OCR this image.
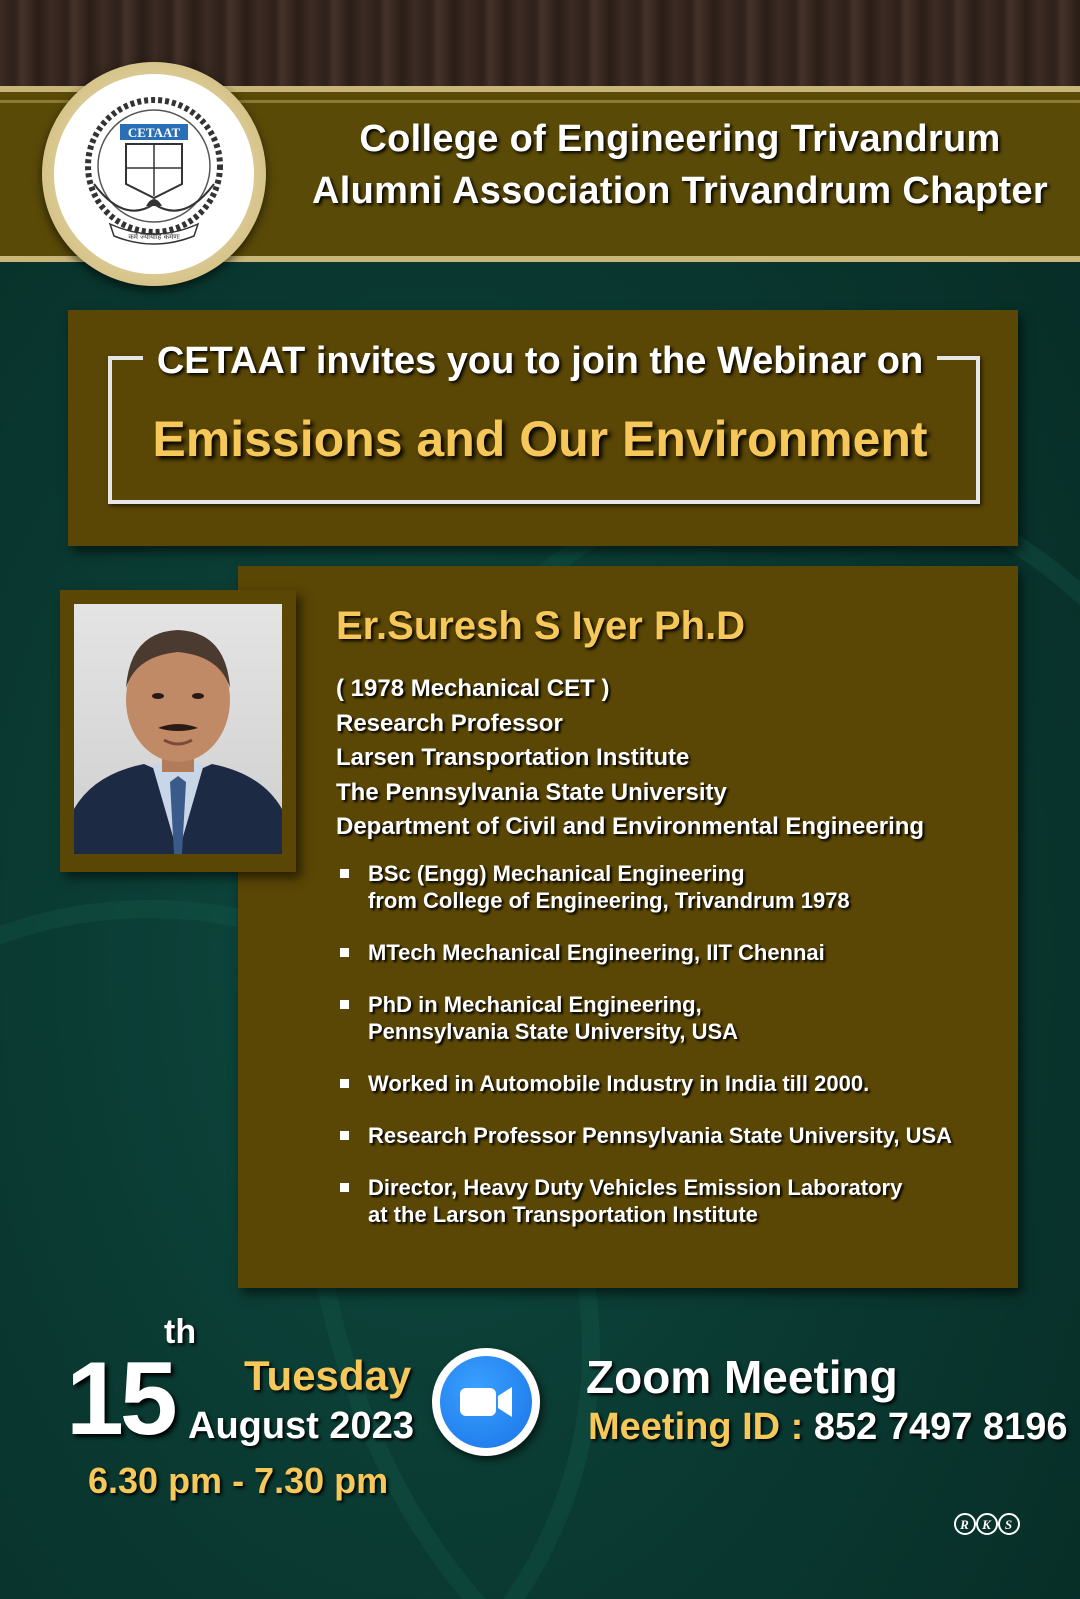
College of Engineering Trivandrum
Alumni Association Trivandrum Chapter
CETAAT
कर्मे ज्यायोहि कर्मणः
CETAAT invites you to join the Webinar on
Emissions and Our Environment
Er.Suresh S Iyer Ph.D
( 1978 Mechanical CET )
Research Professor
Larsen Transportation Institute
The Pennsylvania State University
Department of Civil and Environmental Engineering
BSc (Engg) Mechanical Engineering
from College of Engineering, Trivandrum 1978
MTech Mechanical Engineering, IIT Chennai
PhD in Mechanical Engineering,
Pennsylvania State University, USA
Worked in Automobile Industry in India till 2000.
Research Professor Pennsylvania State University, USA
Director, Heavy Duty Vehicles Emission Laboratory
at the Larson Transportation Institute
15
th
Tuesday
August 2023
6.30 pm - 7.30 pm
Zoom Meeting
Meeting ID : 852 7497 8196
R K S
